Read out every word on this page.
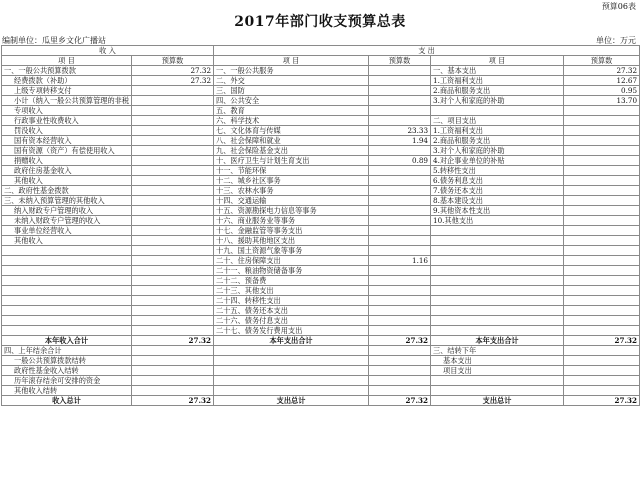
预算06表
2017年部门收支预算总表
编制单位：瓜里乡文化广播站	单位：万元
收 入		支 出			
项 目	预算数	项 目	预算数	项 目	预算数
一、一般公共预算拨款	27.32	一、一般公共服务		一、基本支出	27.32
经费拨款（补助）	27.32	二、外交		1.工资福利支出	12.67
上级专项转移支付		三、国防		2.商品和服务支出	0.95
小计（纳入一般公共预算管理的非税		四、公共安全		3.对个人和家庭的补助	13.70
专项收入		五、教育			
行政事业性收费收入		六、科学技术		二、项目支出	
罚没收入		七、文化体育与传媒	23.33	1.工资福利支出	
国有资本经营收入		八、社会保障和就业	1.94	2.商品和服务支出	
国有资源（资产）有偿使用收入		九、社会保险基金支出		3.对个人和家庭的补助	
捐赠收入		十、医疗卫生与计划生育支出	0.89	4.对企事业单位的补贴	
政府住房基金收入		十一、节能环保		5.转移性支出	
其他收入		十二、城乡社区事务		6.债务利息支出	
二、政府性基金拨款		十三、农林水事务		7.债务还本支出	
三、未纳入预算管理的其他收入		十四、交通运输		8.基本建设支出	
纳入财政专户管理的收入		十五、资源勘探电力信息等事务		9.其他资本性支出	
未纳入财政专户管理的收入		十六、商业服务业等事务		10.其他支出	
事业单位经营收入		十七、金融监管等事务支出			
其他收入		十八、援助其他地区支出			
		十九、国土资源气象等事务			
		二十、住房保障支出	1.16		
		二十一、粮油物资储备事务			
		二十二、预备费			
		二十三、其他支出			
		二十四、转移性支出			
		二十五、债务还本支出			
		二十六、债务付息支出			
		二十七、债务发行费用支出			
本年收入合计	27.32	本年支出合计	27.32	本年支出合计	27.32
四、上年结余合计				三、结转下年	
一般公共预算拨款结转				基本支出	
政府性基金收入结转				项目支出	
历年滚存结余可安排的资金					
其他收入结转					
收入总计	27.32	支出总计	27.32	支出总计	27.32
